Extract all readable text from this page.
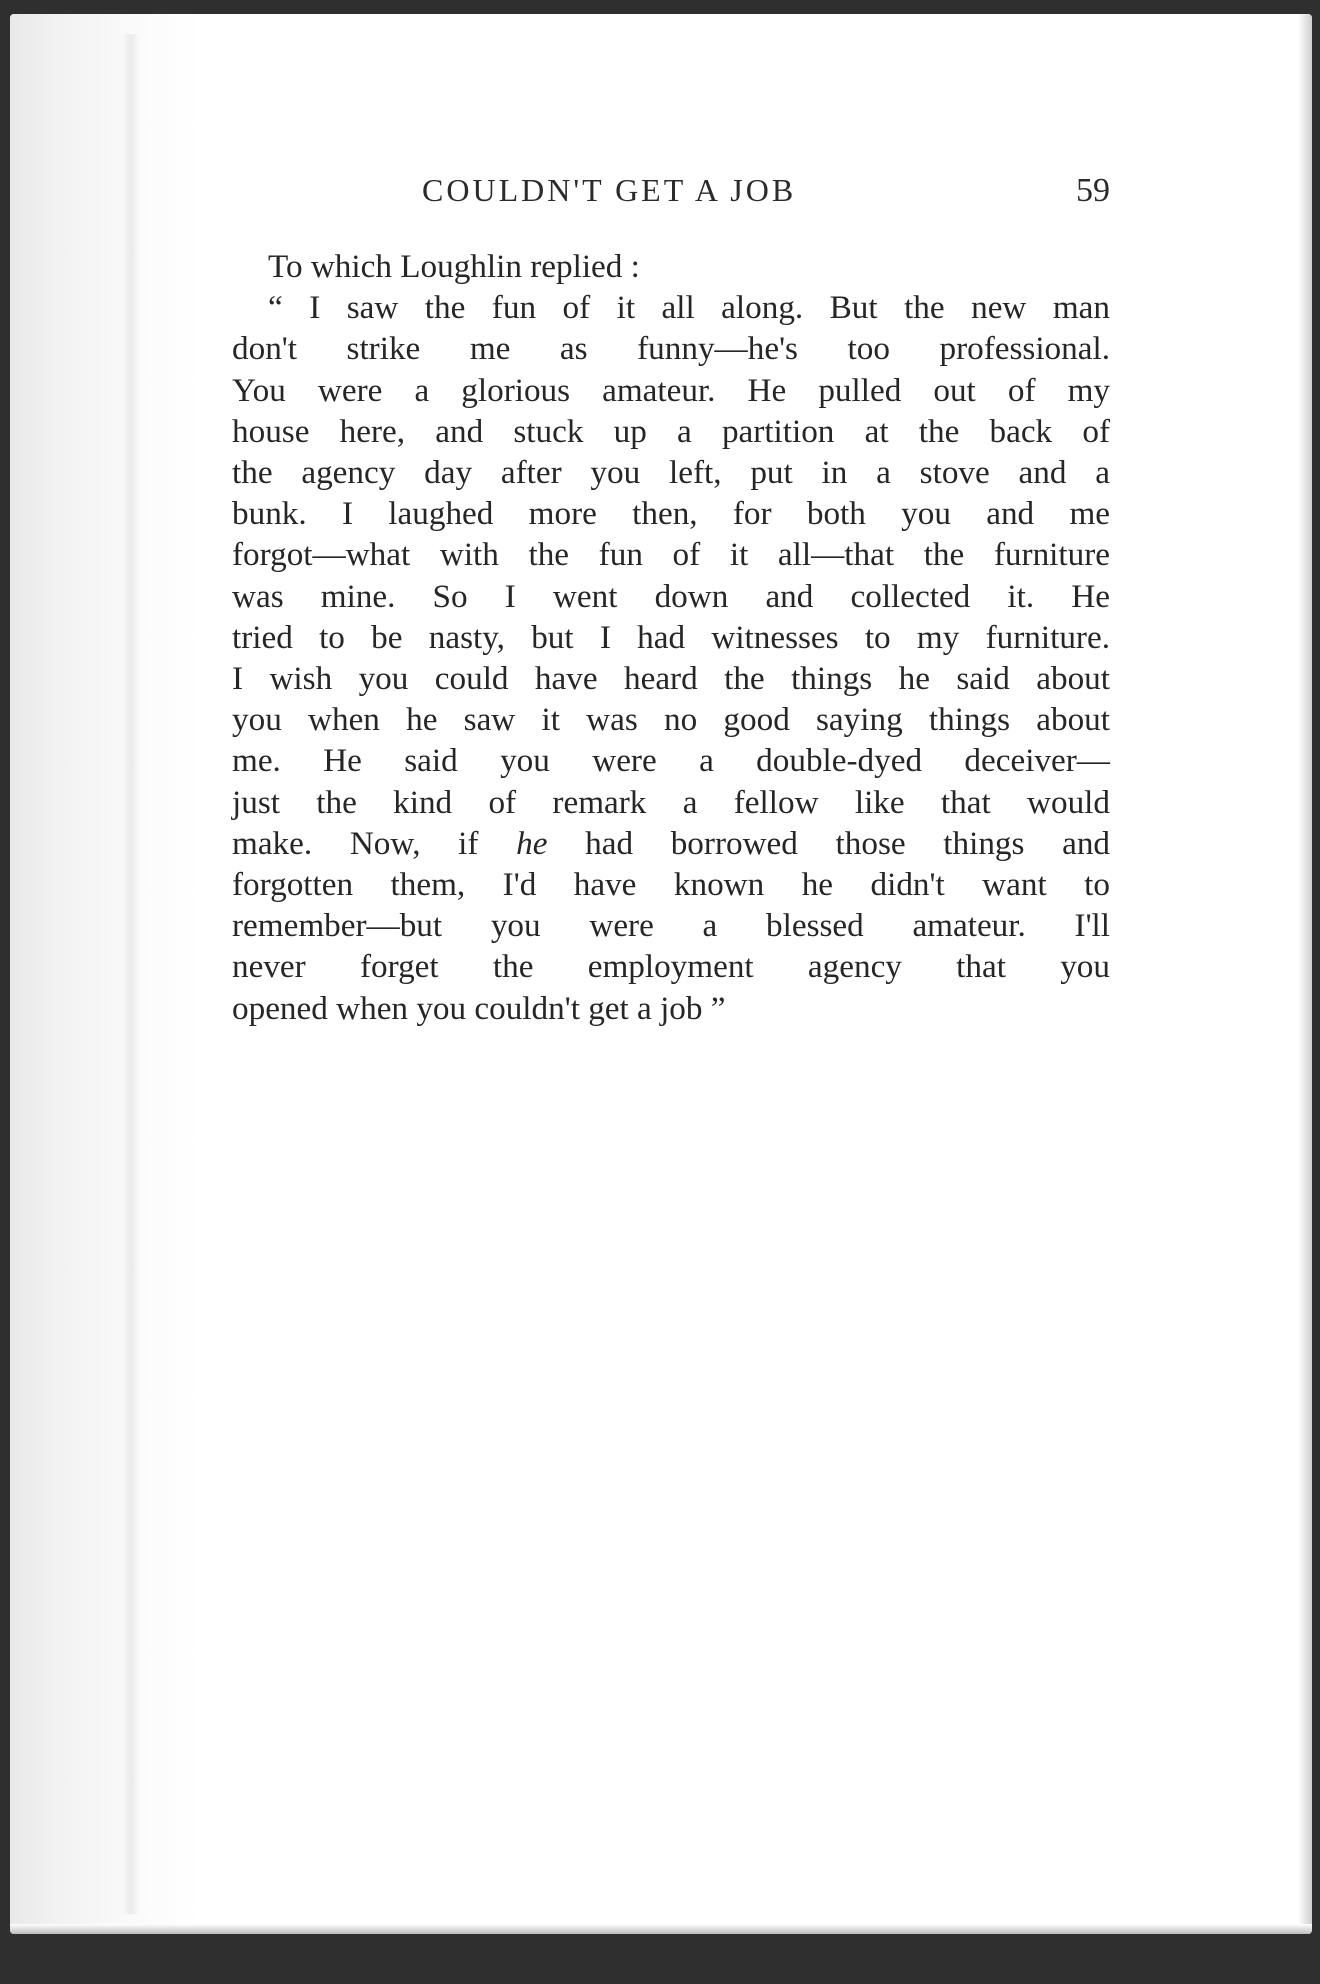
COULDN'T GET A JOB	59

To which Loughlin replied :

“ I saw the fun of it all along. But the new man
don't strike me as funny—he's too professional.
You were a glorious amateur. He pulled out of my
house here, and stuck up a partition at the back of
the agency day after you left, put in a stove and a
bunk. I laughed more then, for both you and me
forgot—what with the fun of it all—that the furniture
was mine. So I went down and collected it. He
tried to be nasty, but I had witnesses to my furniture.
I wish you could have heard the things he said about
you when he saw it was no good saying things about
me. He said you were a double-dyed deceiver—
just the kind of remark a fellow like that would
make. Now, if he had borrowed those things and
forgotten them, I'd have known he didn't want to
remember—but you were a blessed amateur. I'll
never forget the employment agency that you
opened when you couldn't get a job ”
